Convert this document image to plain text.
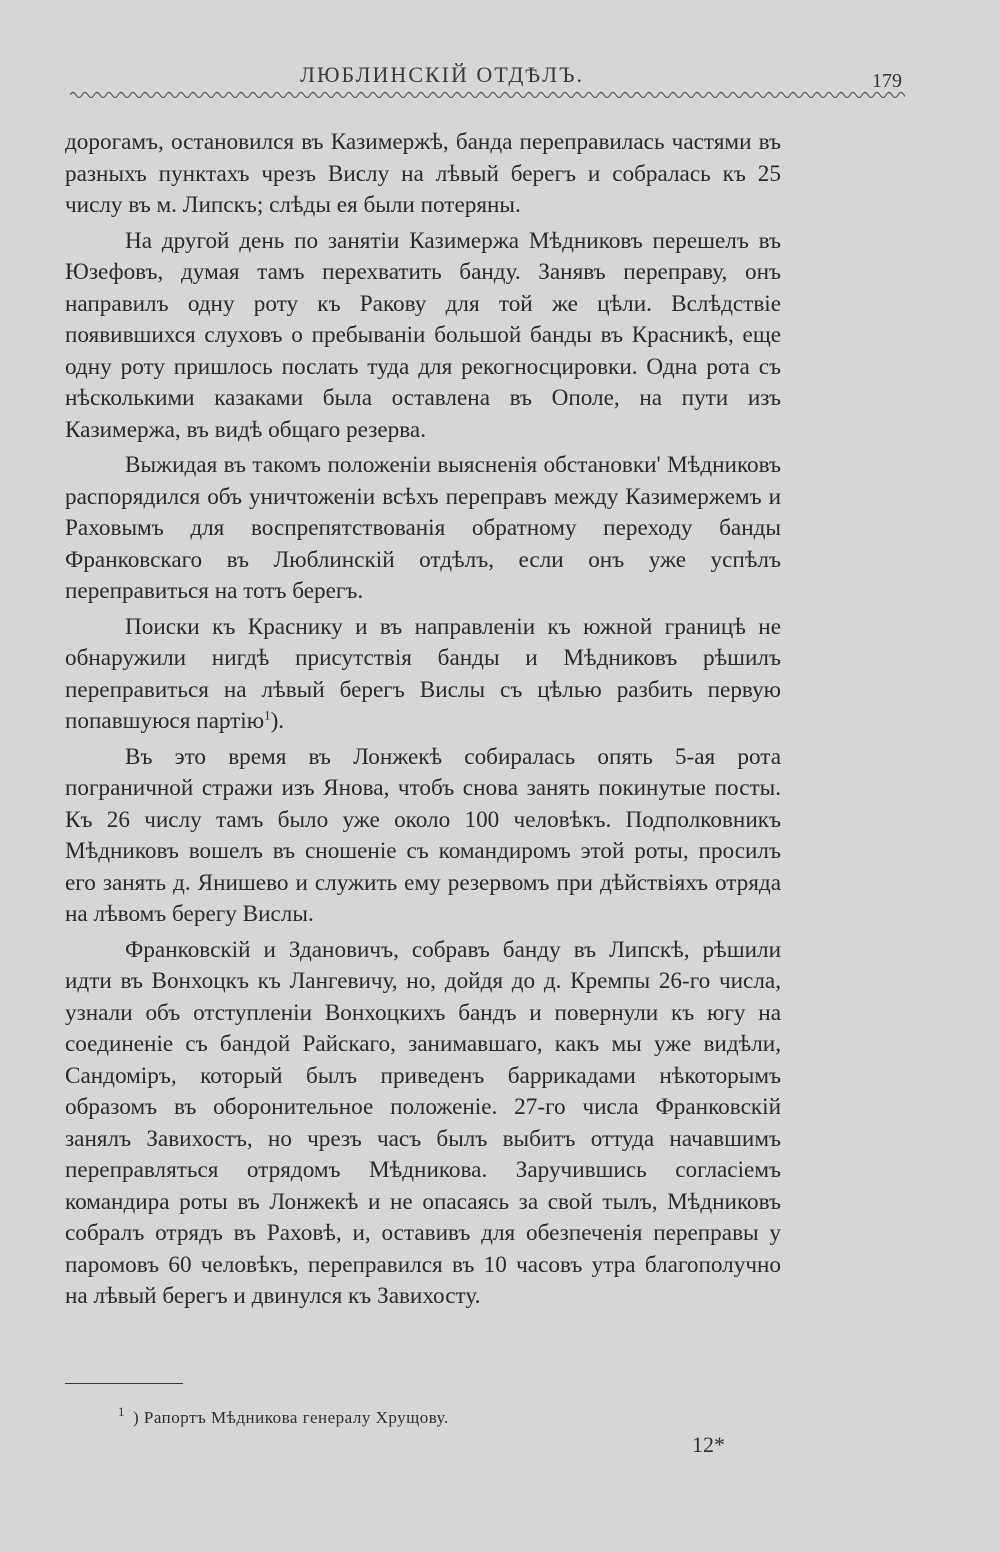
ЛЮБЛИНСКІЙ ОТДѢЛЪ.	179

дорогамъ, остановился въ Казимержѣ, банда переправилась частями въ разныхъ пунктахъ чрезъ Вислу на лѣвый берегъ и собралась къ 25 числу въ м. Липскъ; слѣды ея были потеряны.

На другой день по занятіи Казимержа Мѣдниковъ перешелъ въ Юзефовъ, думая тамъ перехватить банду. Занявъ переправу, онъ направилъ одну роту къ Ракову для той же цѣли. Вслѣдствіе появившихся слуховъ о пребываніи большой банды въ Красникѣ, еще одну роту пришлось послать туда для рекогносцировки. Одна рота съ нѣсколькими казаками была оставлена въ Ополе, на пути изъ Казимержа, въ видѣ общаго резерва.

Выжидая въ такомъ положеніи выясненія обстановки' Мѣдниковъ распорядился объ уничтоженіи всѣхъ переправъ между Казимержемъ и Раховымъ для воспрепятствованія обратному переходу банды Франковскаго въ Люблинскій отдѣлъ, если онъ уже успѣлъ переправиться на тотъ берегъ.

Поиски къ Краснику и въ направленіи къ южной границѣ не обнаружили нигдѣ присутствія банды и Мѣдниковъ рѣшилъ переправиться на лѣвый берегъ Вислы съ цѣлью разбить первую попавшуюся партію$^1$).

Въ это время въ Лонжекѣ собиралась опять 5-ая рота пограничной стражи изъ Янова, чтобъ снова занять покинутые посты. Къ 26 числу тамъ было уже около 100 человѣкъ. Подполковникъ Мѣдниковъ вошелъ въ сношеніе съ командиромъ этой роты, просилъ его занять д. Янишево и служить ему резервомъ при дѣйствіяхъ отряда на лѣвомъ берегу Вислы.

Франковскій и Здановичъ, собравъ банду въ Липскѣ, рѣшили идти въ Вонхоцкъ къ Лангевичу, но, дойдя до д. Кремпы 26-го числа, узнали объ отступленіи Вонхоцкихъ бандъ и повернули къ югу на соединеніе съ бандой Райскаго, занимавшаго, какъ мы уже видѣли, Сандоміръ, который былъ приведенъ баррикадами нѣкоторымъ образомъ въ оборонительное положеніе. 27-го числа Франковскій занялъ Завихостъ, но чрезъ часъ былъ выбитъ оттуда начавшимъ переправляться отрядомъ Мѣдникова. Заручившись согласіемъ командира роты въ Лонжекѣ и не опасаясь за свой тылъ, Мѣдниковъ собралъ отрядъ въ Раховѣ, и, оставивъ для обезпеченія переправы у паромовъ 60 человѣкъ, переправился въ 10 часовъ утра благополучно на лѣвый берегъ и двинулся къ Завихосту.

$^1$ ) Рапортъ Мѣдникова генералу Хрущову.
12*
